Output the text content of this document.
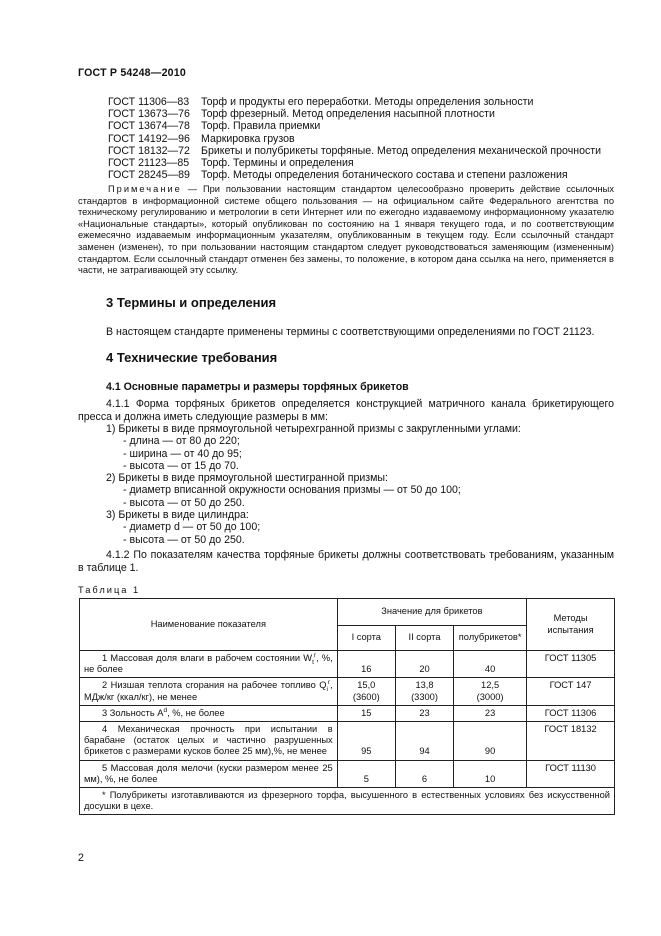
ГОСТ Р 54248—2010
ГОСТ 11306—83	Торф и продукты его переработки. Методы определения зольности
ГОСТ 13673—76	Торф фрезерный. Метод определения насыпной плотности
ГОСТ 13674—78	Торф. Правила приемки
ГОСТ 14192—96	Маркировка грузов
ГОСТ 18132—72	Брикеты и полубрикеты торфяные. Метод определения механической прочности
ГОСТ 21123—85	Торф. Термины и определения
ГОСТ 28245—89	Торф. Методы определения ботанического состава и степени разложения
Примечание — При пользовании настоящим стандартом целесообразно проверить действие ссылочных стандартов в информационной системе общего пользования — на официальном сайте Федерального агентства по техническому регулированию и метрологии в сети Интернет или по ежегодно издаваемому информационному указателю «Национальные стандарты», который опубликован по состоянию на 1 января текущего года, и по соответствующим ежемесячно издаваемым информационным указателям, опубликованным в текущем году. Если ссылочный стандарт заменен (изменен), то при пользовании настоящим стандартом следует руководствоваться заменяющим (измененным) стандартом. Если ссылочный стандарт отменен без замены, то положение, в котором дана ссылка на него, применяется в части, не затрагивающей эту ссылку.
3 Термины и определения
В настоящем стандарте применены термины с соответствующими определениями по ГОСТ 21123.
4 Технические требования
4.1 Основные параметры и размеры торфяных брикетов
4.1.1 Форма торфяных брикетов определяется конструкцией матричного канала брикетирующего пресса и должна иметь следующие размеры в мм:
1) Брикеты в виде прямоугольной четырехгранной призмы с закругленными углами:
- длина — от 80 до 220;
- ширина — от 40 до 95;
- высота — от 15 до 70.
2) Брикеты в виде прямоугольной шестигранной призмы:
- диаметр вписанной окружности основания призмы — от 50 до 100;
- высота — от 50 до 250.
3) Брикеты в виде цилиндра:
- диаметр d — от 50 до 100;
- высота — от 50 до 250.
4.1.2 По показателям качества торфяные брикеты должны соответствовать требованиям, указанным в таблице 1.
Таблица 1
Наименование показателя	Значение для брикетов			Методы испытания
	I сорта	II сорта	полубрикетов*	
1 Массовая доля влаги в рабочем состоянии $W_t^r$, %, не более	16	20	40	ГОСТ 11305
2 Низшая теплота сгорания на рабочее топливо $Q_i^r$, МДж/кг (ккал/кг), не менее	15,0
(3600)	13,8
(3300)	12,5
(3000)	ГОСТ 147
3 Зольность $A^d$, %, не более	15	23	23	ГОСТ 11306
4 Механическая прочность при испытании в барабане (остаток целых и частично разрушенных брикетов с размерами кусков более 25 мм),%, не менее	95	94	90	ГОСТ 18132
5 Массовая доля мелочи (куски размером менее 25 мм), %, не более	5	6	10	ГОСТ 11130
* Полубрикеты изготавливаются из фрезерного торфа, высушенного в естественных условиях без искусственной досушки в цехе.				
2
